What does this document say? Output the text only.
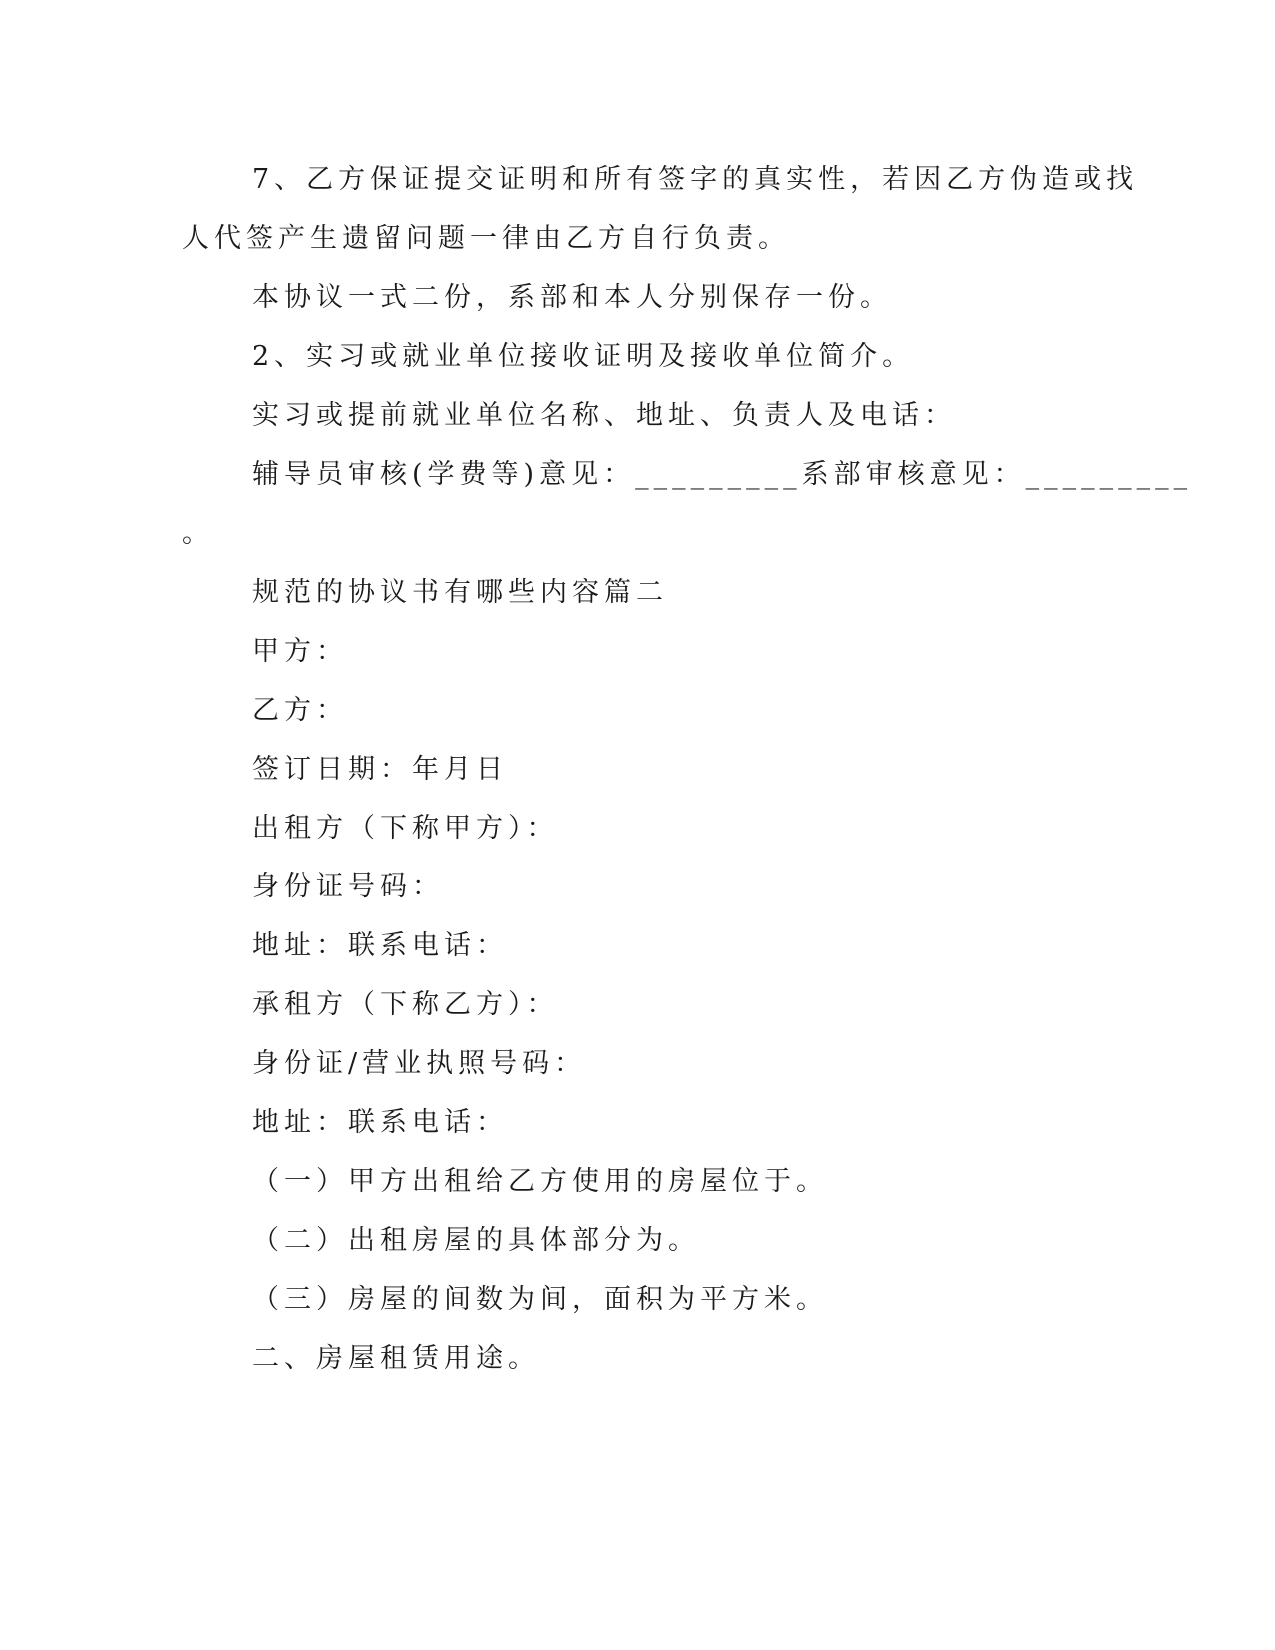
7、乙方保证提交证明和所有签字的真实性，若因乙方伪造或找
人代签产生遗留问题一律由乙方自行负责。
本协议一式二份，系部和本人分别保存一份。
2、实习或就业单位接收证明及接收单位简介。
实习或提前就业单位名称、地址、负责人及电话：
辅导员审核(学费等)意见：_________系部审核意见：_________
。
规范的协议书有哪些内容篇二
甲方：
乙方：
签订日期：年月日
出租方（下称甲方）：
身份证号码：
地址：联系电话：
承租方（下称乙方）：
身份证/营业执照号码：
地址：联系电话：
（一）甲方出租给乙方使用的房屋位于。
（二）出租房屋的具体部分为。
（三）房屋的间数为间，面积为平方米。
二、房屋租赁用途。
